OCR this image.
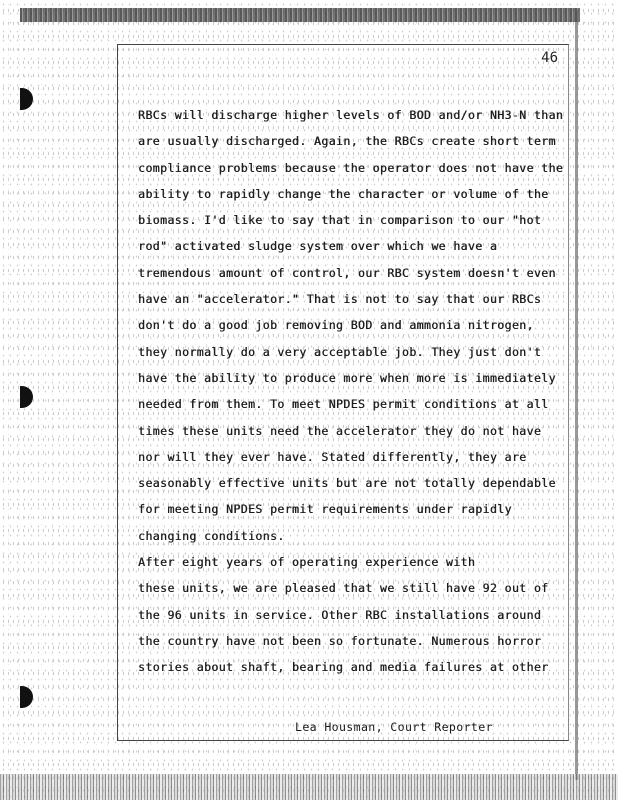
46
RBCs will discharge higher levels of BOD and/or NH3-N than
are usually discharged. Again, the RBCs create short term
compliance problems because the operator does not have the
ability to rapidly change the character or volume of the
biomass. I'd like to say that in comparison to our "hot
rod" activated sludge system over which we have a
tremendous amount of control, our RBC system doesn't even
have an "accelerator." That is not to say that our RBCs
don't do a good job removing BOD and ammonia nitrogen,
they normally do a very acceptable job. They just don't
have the ability to produce more when more is immediately
needed from them. To meet NPDES permit conditions at all
times these units need the accelerator they do not have
nor will they ever have. Stated differently, they are
seasonably effective units but are not totally dependable
for meeting NPDES permit requirements under rapidly
changing conditions.
After eight years of operating experience with
these units, we are pleased that we still have 92 out of
the 96 units in service. Other RBC installations around
the country have not been so fortunate. Numerous horror
stories about shaft, bearing and media failures at other
Lea Housman, Court Reporter
